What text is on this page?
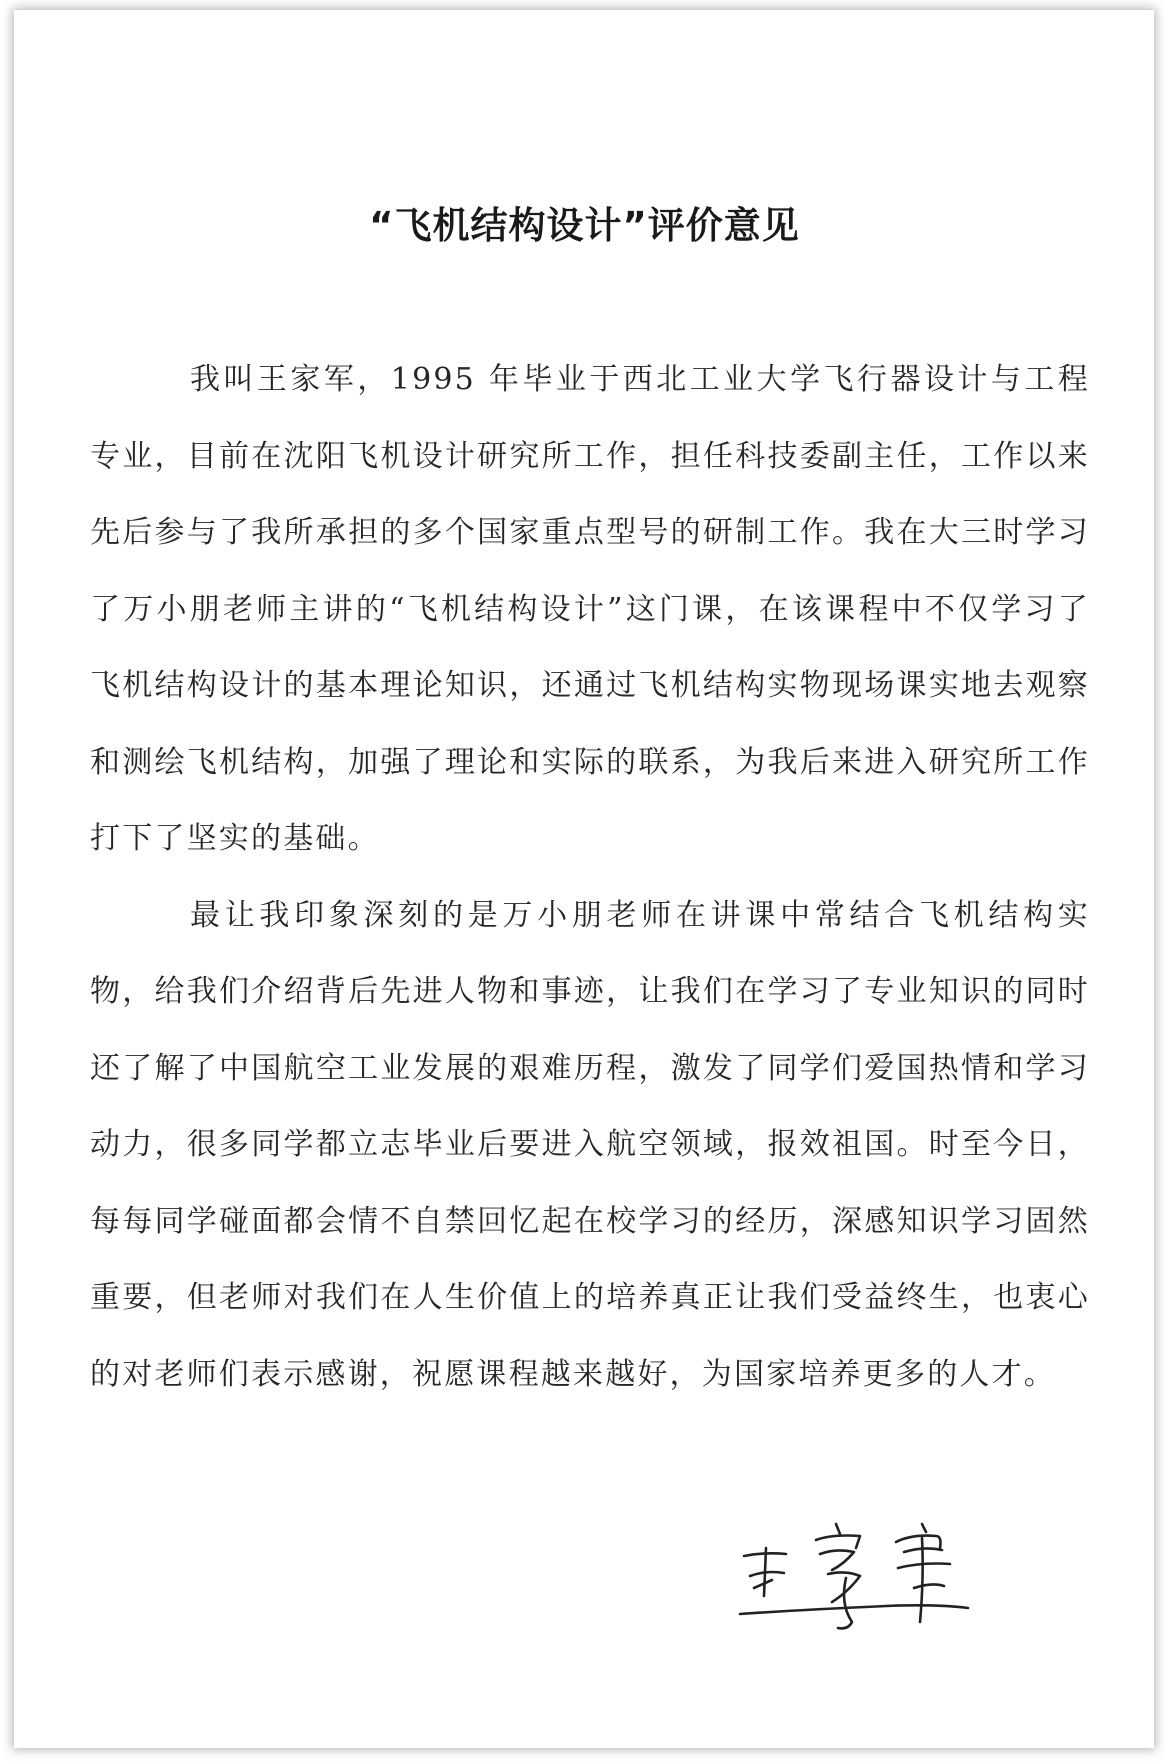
“飞机结构设计”评价意见

我叫王家军，1995 年毕业于西北工业大学飞行器设计与工程专业，目前在沈阳飞机设计研究所工作，担任科技委副主任，工作以来先后参与了我所承担的多个国家重点型号的研制工作。我在大三时学习了万小朋老师主讲的“飞机结构设计”这门课，在该课程中不仅学习了飞机结构设计的基本理论知识，还通过飞机结构实物现场课实地去观察和测绘飞机结构，加强了理论和实际的联系，为我后来进入研究所工作打下了坚实的基础。

最让我印象深刻的是万小朋老师在讲课中常结合飞机结构实物，给我们介绍背后先进人物和事迹，让我们在学习了专业知识的同时还了解了中国航空工业发展的艰难历程，激发了同学们爱国热情和学习动力，很多同学都立志毕业后要进入航空领域，报效祖国。时至今日，每每同学碰面都会情不自禁回忆起在校学习的经历，深感知识学习固然重要，但老师对我们在人生价值上的培养真正让我们受益终生，也衷心的对老师们表示感谢，祝愿课程越来越好，为国家培养更多的人才。
